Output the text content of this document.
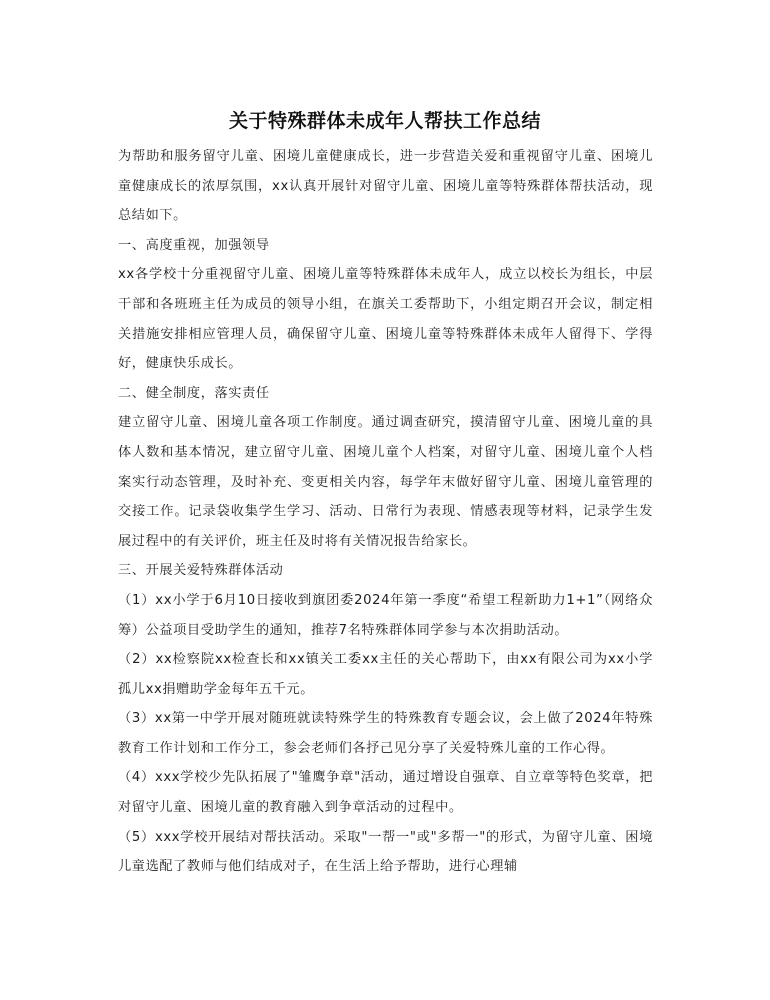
关于特殊群体未成年人帮扶工作总结

为帮助和服务留守儿童、困境儿童健康成长，进一步营造关爱和重视留守儿童、困境儿童健康成长的浓厚氛围，xx认真开展针对留守儿童、困境儿童等特殊群体帮扶活动，现总结如下。

一、高度重视，加强领导

xx各学校十分重视留守儿童、困境儿童等特殊群体未成年人，成立以校长为组长，中层干部和各班班主任为成员的领导小组，在旗关工委帮助下，小组定期召开会议，制定相关措施安排相应管理人员，确保留守儿童、困境儿童等特殊群体未成年人留得下、学得好，健康快乐成长。

二、健全制度，落实责任

建立留守儿童、困境儿童各项工作制度。通过调查研究，摸清留守儿童、困境儿童的具体人数和基本情况，建立留守儿童、困境儿童个人档案，对留守儿童、困境儿童个人档案实行动态管理，及时补充、变更相关内容，每学年末做好留守儿童、困境儿童管理的交接工作。记录袋收集学生学习、活动、日常行为表现、情感表现等材料，记录学生发展过程中的有关评价，班主任及时将有关情况报告给家长。

三、开展关爱特殊群体活动

（1）xx小学于6月10日接收到旗团委2024年第一季度“希望工程新助力1+1”（网络众筹）公益项目受助学生的通知，推荐7名特殊群体同学参与本次捐助活动。

（2）xx检察院xx检查长和xx镇关工委xx主任的关心帮助下，由xx有限公司为xx小学孤儿xx捐赠助学金每年五千元。

（3）xx第一中学开展对随班就读特殊学生的特殊教育专题会议，会上做了2024年特殊教育工作计划和工作分工，参会老师们各抒己见分享了关爱特殊儿童的工作心得。

（4）xxx学校少先队拓展了"雏鹰争章"活动，通过增设自强章、自立章等特色奖章，把对留守儿童、困境儿童的教育融入到争章活动的过程中。

（5）xxx学校开展结对帮扶活动。采取"一帮一"或"多帮一"的形式，为留守儿童、困境儿童选配了教师与他们结成对子，在生活上给予帮助，进行心理辅
